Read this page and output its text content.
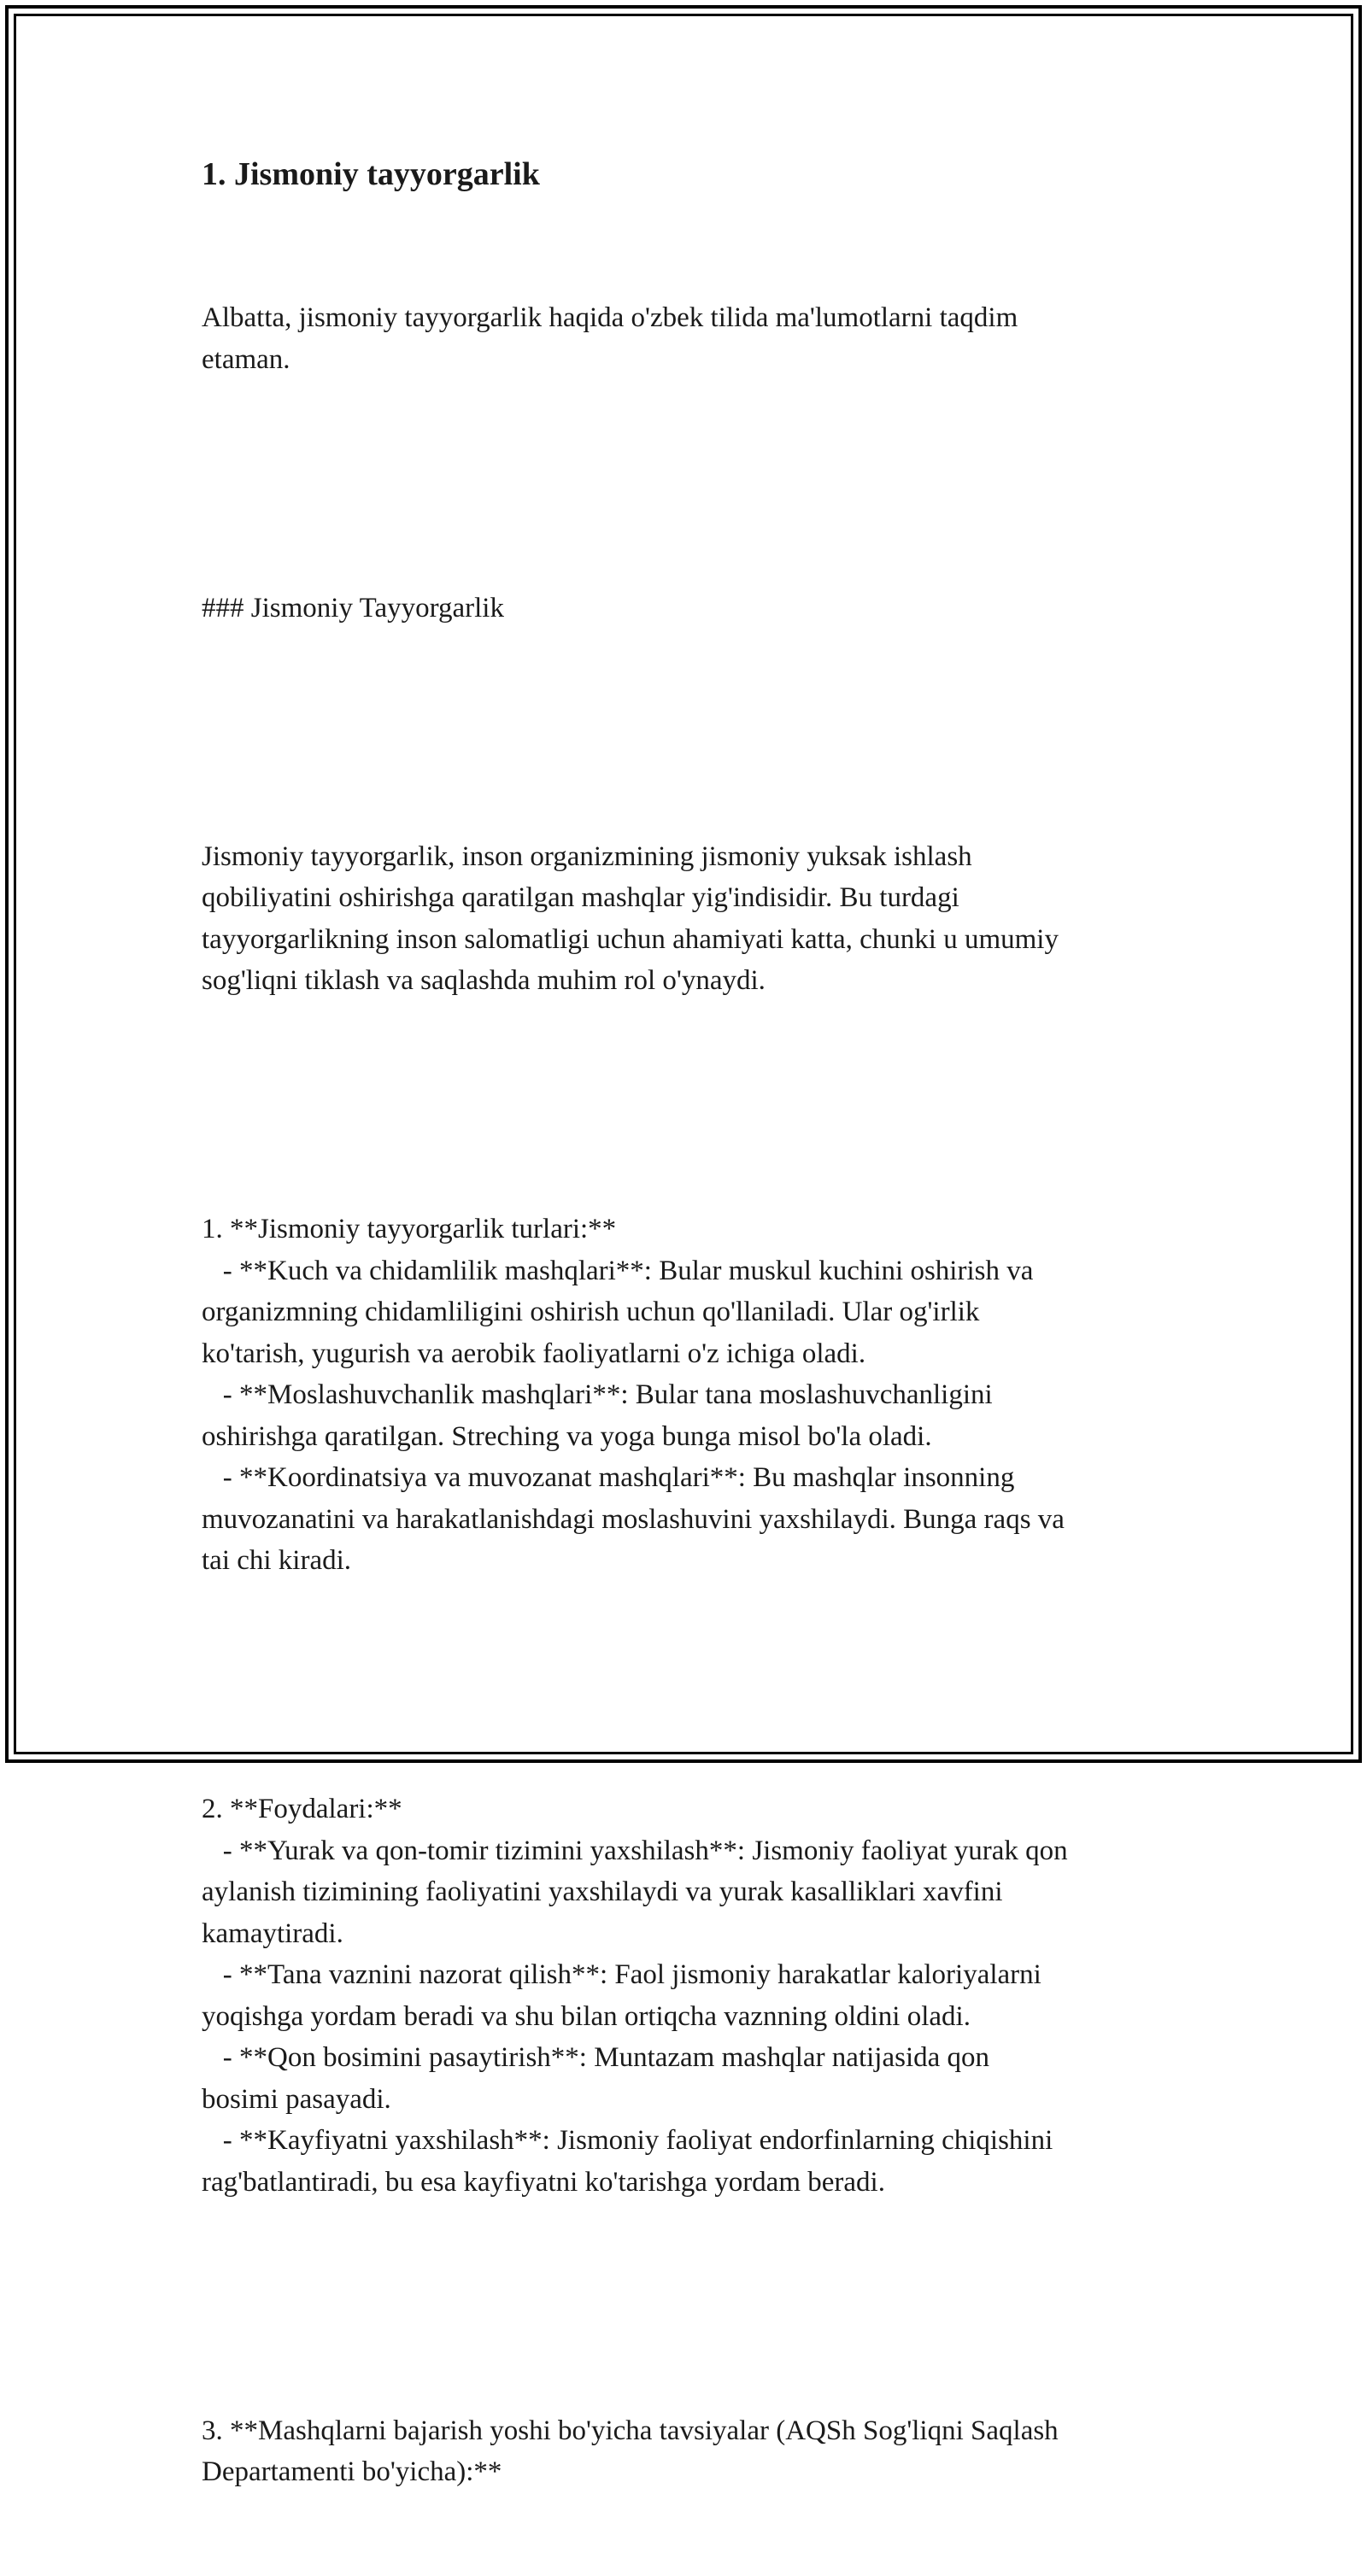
1. Jismoniy tayyorgarlik

Albatta, jismoniy tayyorgarlik haqida o'zbek tilida ma'lumotlarni taqdim
etaman.

### Jismoniy Tayyorgarlik

Jismoniy tayyorgarlik, inson organizmining jismoniy yuksak ishlash
qobiliyatini oshirishga qaratilgan mashqlar yig'indisidir. Bu turdagi
tayyorgarlikning inson salomatligi uchun ahamiyati katta, chunki u umumiy
sog'liqni tiklash va saqlashda muhim rol o'ynaydi.

1. **Jismoniy tayyorgarlik turlari:**
- **Kuch va chidamlilik mashqlari**: Bular muskul kuchini oshirish va
organizmning chidamliligini oshirish uchun qo'llaniladi. Ular og'irlik
ko'tarish, yugurish va aerobik faoliyatlarni o'z ichiga oladi.
- **Moslashuvchanlik mashqlari**: Bular tana moslashuvchanligini
oshirishga qaratilgan. Streching va yoga bunga misol bo'la oladi.
- **Koordinatsiya va muvozanat mashqlari**: Bu mashqlar insonning
muvozanatini va harakatlanishdagi moslashuvini yaxshilaydi. Bunga raqs va
tai chi kiradi.

2. **Foydalari:**
- **Yurak va qon-tomir tizimini yaxshilash**: Jismoniy faoliyat yurak qon
aylanish tizimining faoliyatini yaxshilaydi va yurak kasalliklari xavfini
kamaytiradi.
- **Tana vaznini nazorat qilish**: Faol jismoniy harakatlar kaloriyalarni
yoqishga yordam beradi va shu bilan ortiqcha vaznning oldini oladi.
- **Qon bosimini pasaytirish**: Muntazam mashqlar natijasida qon
bosimi pasayadi.
- **Kayfiyatni yaxshilash**: Jismoniy faoliyat endorfinlarning chiqishini
rag'batlantiradi, bu esa kayfiyatni ko'tarishga yordam beradi.

3. **Mashqlarni bajarish yoshi bo'yicha tavsiyalar (AQSh Sog'liqni Saqlash
Departamenti bo'yicha):**
